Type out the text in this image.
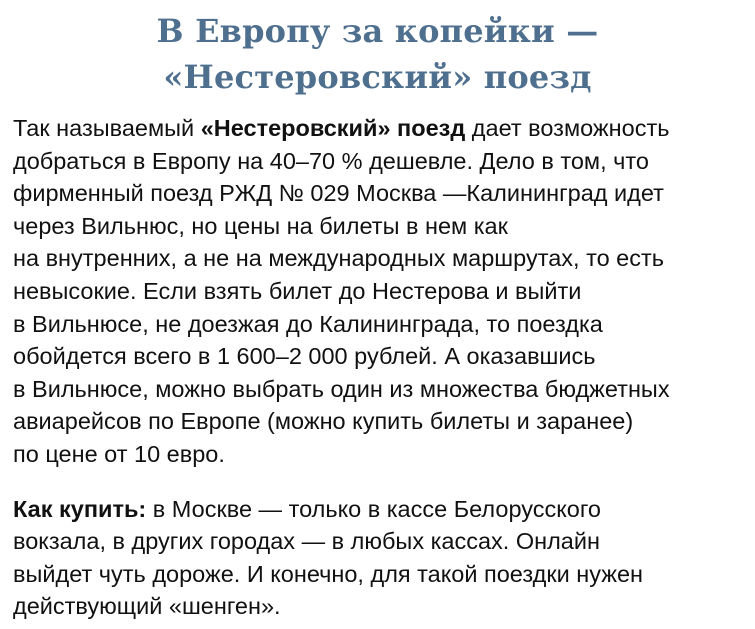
В Европу за копейки —
«Нестеровский» поезд
Так называемый «Нестеровский» поезд дает возможность
добраться в Европу на 40–70 % дешевле. Дело в том, что
фирменный поезд РЖД № 029 Москва —Калининград идет
через Вильнюс, но цены на билеты в нем как
на внутренних, а не на международных маршрутах, то есть
невысокие. Если взять билет до Нестерова и выйти
в Вильнюсе, не доезжая до Калининграда, то поездка
обойдется всего в 1 600–2 000 рублей. А оказавшись
в Вильнюсе, можно выбрать один из множества бюджетных
авиарейсов по Европе (можно купить билеты и заранее)
по цене от 10 евро.
Как купить: в Москве — только в кассе Белорусского
вокзала, в других городах — в любых кассах. Онлайн
выйдет чуть дороже. И конечно, для такой поездки нужен
действующий «шенген».
